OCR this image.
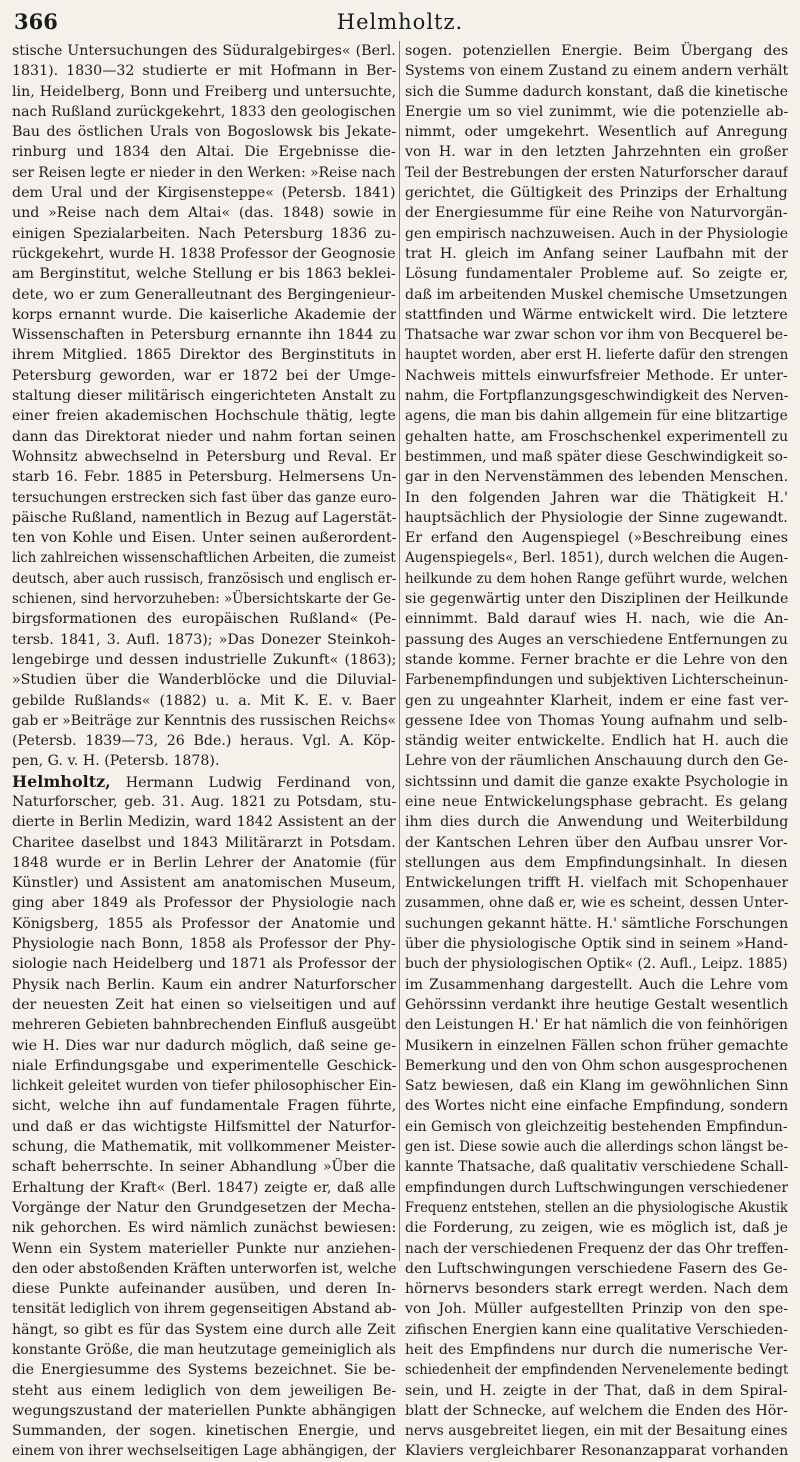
366	Helmholtz.
stische Untersuchungen des Süduralgebirges« (Berl.
1831). 1830—32 studierte er mit Hofmann in Ber-
lin, Heidelberg, Bonn und Freiberg und untersuchte,
nach Rußland zurückgekehrt, 1833 den geologischen
Bau des östlichen Urals von Bogoslowsk bis Jekate-
rinburg und 1834 den Altai. Die Ergebnisse die-
ser Reisen legte er nieder in den Werken: »Reise nach
dem Ural und der Kirgisensteppe« (Petersb. 1841)
und »Reise nach dem Altai« (das. 1848) sowie in
einigen Spezialarbeiten. Nach Petersburg 1836 zu-
rückgekehrt, wurde H. 1838 Professor der Geognosie
am Berginstitut, welche Stellung er bis 1863 beklei-
dete, wo er zum Generalleutnant des Bergingenieur-
korps ernannt wurde. Die kaiserliche Akademie der
Wissenschaften in Petersburg ernannte ihn 1844 zu
ihrem Mitglied. 1865 Direktor des Berginstituts in
Petersburg geworden, war er 1872 bei der Umge-
staltung dieser militärisch eingerichteten Anstalt zu
einer freien akademischen Hochschule thätig, legte
dann das Direktorat nieder und nahm fortan seinen
Wohnsitz abwechselnd in Petersburg und Reval. Er
starb 16. Febr. 1885 in Petersburg. Helmersens Un-
tersuchungen erstrecken sich fast über das ganze euro-
päische Rußland, namentlich in Bezug auf Lagerstät-
ten von Kohle und Eisen. Unter seinen außerordent-
lich zahlreichen wissenschaftlichen Arbeiten, die zumeist
deutsch, aber auch russisch, französisch und englisch er-
schienen, sind hervorzuheben: »Übersichtskarte der Ge-
birgsformationen des europäischen Rußland« (Pe-
tersb. 1841, 3. Aufl. 1873); »Das Donezer Steinkoh-
lengebirge und dessen industrielle Zukunft« (1863);
»Studien über die Wanderblöcke und die Diluvial-
gebilde Rußlands« (1882) u. a. Mit K. E. v. Baer
gab er »Beiträge zur Kenntnis des russischen Reichs«
(Petersb. 1839—73, 26 Bde.) heraus. Vgl. A. Köp-
pen, G. v. H. (Petersb. 1878).
Helmholtz, Hermann Ludwig Ferdinand von,
Naturforscher, geb. 31. Aug. 1821 zu Potsdam, stu-
dierte in Berlin Medizin, ward 1842 Assistent an der
Charitee daselbst und 1843 Militärarzt in Potsdam.
1848 wurde er in Berlin Lehrer der Anatomie (für
Künstler) und Assistent am anatomischen Museum,
ging aber 1849 als Professor der Physiologie nach
Königsberg, 1855 als Professor der Anatomie und
Physiologie nach Bonn, 1858 als Professor der Phy-
siologie nach Heidelberg und 1871 als Professor der
Physik nach Berlin. Kaum ein andrer Naturforscher
der neuesten Zeit hat einen so vielseitigen und auf
mehreren Gebieten bahnbrechenden Einfluß ausgeübt
wie H. Dies war nur dadurch möglich, daß seine ge-
niale Erfindungsgabe und experimentelle Geschick-
lichkeit geleitet wurden von tiefer philosophischer Ein-
sicht, welche ihn auf fundamentale Fragen führte,
und daß er das wichtigste Hilfsmittel der Naturfor-
schung, die Mathematik, mit vollkommener Meister-
schaft beherrschte. In seiner Abhandlung »Über die
Erhaltung der Kraft« (Berl. 1847) zeigte er, daß alle
Vorgänge der Natur den Grundgesetzen der Mecha-
nik gehorchen. Es wird nämlich zunächst bewiesen:
Wenn ein System materieller Punkte nur anziehen-
den oder abstoßenden Kräften unterworfen ist, welche
diese Punkte aufeinander ausüben, und deren In-
tensität lediglich von ihrem gegenseitigen Abstand ab-
hängt, so gibt es für das System eine durch alle Zeit
konstante Größe, die man heutzutage gemeiniglich als
die Energiesumme des Systems bezeichnet. Sie be-
steht aus einem lediglich von dem jeweiligen Be-
wegungszustand der materiellen Punkte abhängigen
Summanden, der sogen. kinetischen Energie, und
einem von ihrer wechselseitigen Lage abhängigen, der
sogen. potenziellen Energie. Beim Übergang des
Systems von einem Zustand zu einem andern verhält
sich die Summe dadurch konstant, daß die kinetische
Energie um so viel zunimmt, wie die potenzielle ab-
nimmt, oder umgekehrt. Wesentlich auf Anregung
von H. war in den letzten Jahrzehnten ein großer
Teil der Bestrebungen der ersten Naturforscher darauf
gerichtet, die Gültigkeit des Prinzips der Erhaltung
der Energiesumme für eine Reihe von Naturvorgän-
gen empirisch nachzuweisen. Auch in der Physiologie
trat H. gleich im Anfang seiner Laufbahn mit der
Lösung fundamentaler Probleme auf. So zeigte er,
daß im arbeitenden Muskel chemische Umsetzungen
stattfinden und Wärme entwickelt wird. Die letztere
Thatsache war zwar schon vor ihm von Becquerel be-
hauptet worden, aber erst H. lieferte dafür den strengen
Nachweis mittels einwurfsfreier Methode. Er unter-
nahm, die Fortpflanzungsgeschwindigkeit des Nerven-
agens, die man bis dahin allgemein für eine blitzartige
gehalten hatte, am Froschschenkel experimentell zu
bestimmen, und maß später diese Geschwindigkeit so-
gar in den Nervenstämmen des lebenden Menschen.
In den folgenden Jahren war die Thätigkeit H.'
hauptsächlich der Physiologie der Sinne zugewandt.
Er erfand den Augenspiegel (»Beschreibung eines
Augenspiegels«, Berl. 1851), durch welchen die Augen-
heilkunde zu dem hohen Range geführt wurde, welchen
sie gegenwärtig unter den Disziplinen der Heilkunde
einnimmt. Bald darauf wies H. nach, wie die An-
passung des Auges an verschiedene Entfernungen zu
stande komme. Ferner brachte er die Lehre von den
Farbenempfindungen und subjektiven Lichterscheinun-
gen zu ungeahnter Klarheit, indem er eine fast ver-
gessene Idee von Thomas Young aufnahm und selb-
ständig weiter entwickelte. Endlich hat H. auch die
Lehre von der räumlichen Anschauung durch den Ge-
sichtssinn und damit die ganze exakte Psychologie in
eine neue Entwickelungsphase gebracht. Es gelang
ihm dies durch die Anwendung und Weiterbildung
der Kantschen Lehren über den Aufbau unsrer Vor-
stellungen aus dem Empfindungsinhalt. In diesen
Entwickelungen trifft H. vielfach mit Schopenhauer
zusammen, ohne daß er, wie es scheint, dessen Unter-
suchungen gekannt hätte. H.' sämtliche Forschungen
über die physiologische Optik sind in seinem »Hand-
buch der physiologischen Optik« (2. Aufl., Leipz. 1885)
im Zusammenhang dargestellt. Auch die Lehre vom
Gehörssinn verdankt ihre heutige Gestalt wesentlich
den Leistungen H.' Er hat nämlich die von feinhörigen
Musikern in einzelnen Fällen schon früher gemachte
Bemerkung und den von Ohm schon ausgesprochenen
Satz bewiesen, daß ein Klang im gewöhnlichen Sinn
des Wortes nicht eine einfache Empfindung, sondern
ein Gemisch von gleichzeitig bestehenden Empfindun-
gen ist. Diese sowie auch die allerdings schon längst be-
kannte Thatsache, daß qualitativ verschiedene Schall-
empfindungen durch Luftschwingungen verschiedener
Frequenz entstehen, stellen an die physiologische Akustik
die Forderung, zu zeigen, wie es möglich ist, daß je
nach der verschiedenen Frequenz der das Ohr treffen-
den Luftschwingungen verschiedene Fasern des Ge-
hörnervs besonders stark erregt werden. Nach dem
von Joh. Müller aufgestellten Prinzip von den spe-
zifischen Energien kann eine qualitative Verschieden-
heit des Empfindens nur durch die numerische Ver-
schiedenheit der empfindenden Nervenelemente bedingt
sein, und H. zeigte in der That, daß in dem Spiral-
blatt der Schnecke, auf welchem die Enden des Hör-
nervs ausgebreitet liegen, ein mit der Besaitung eines
Klaviers vergleichbarer Resonanzapparat vorhanden
